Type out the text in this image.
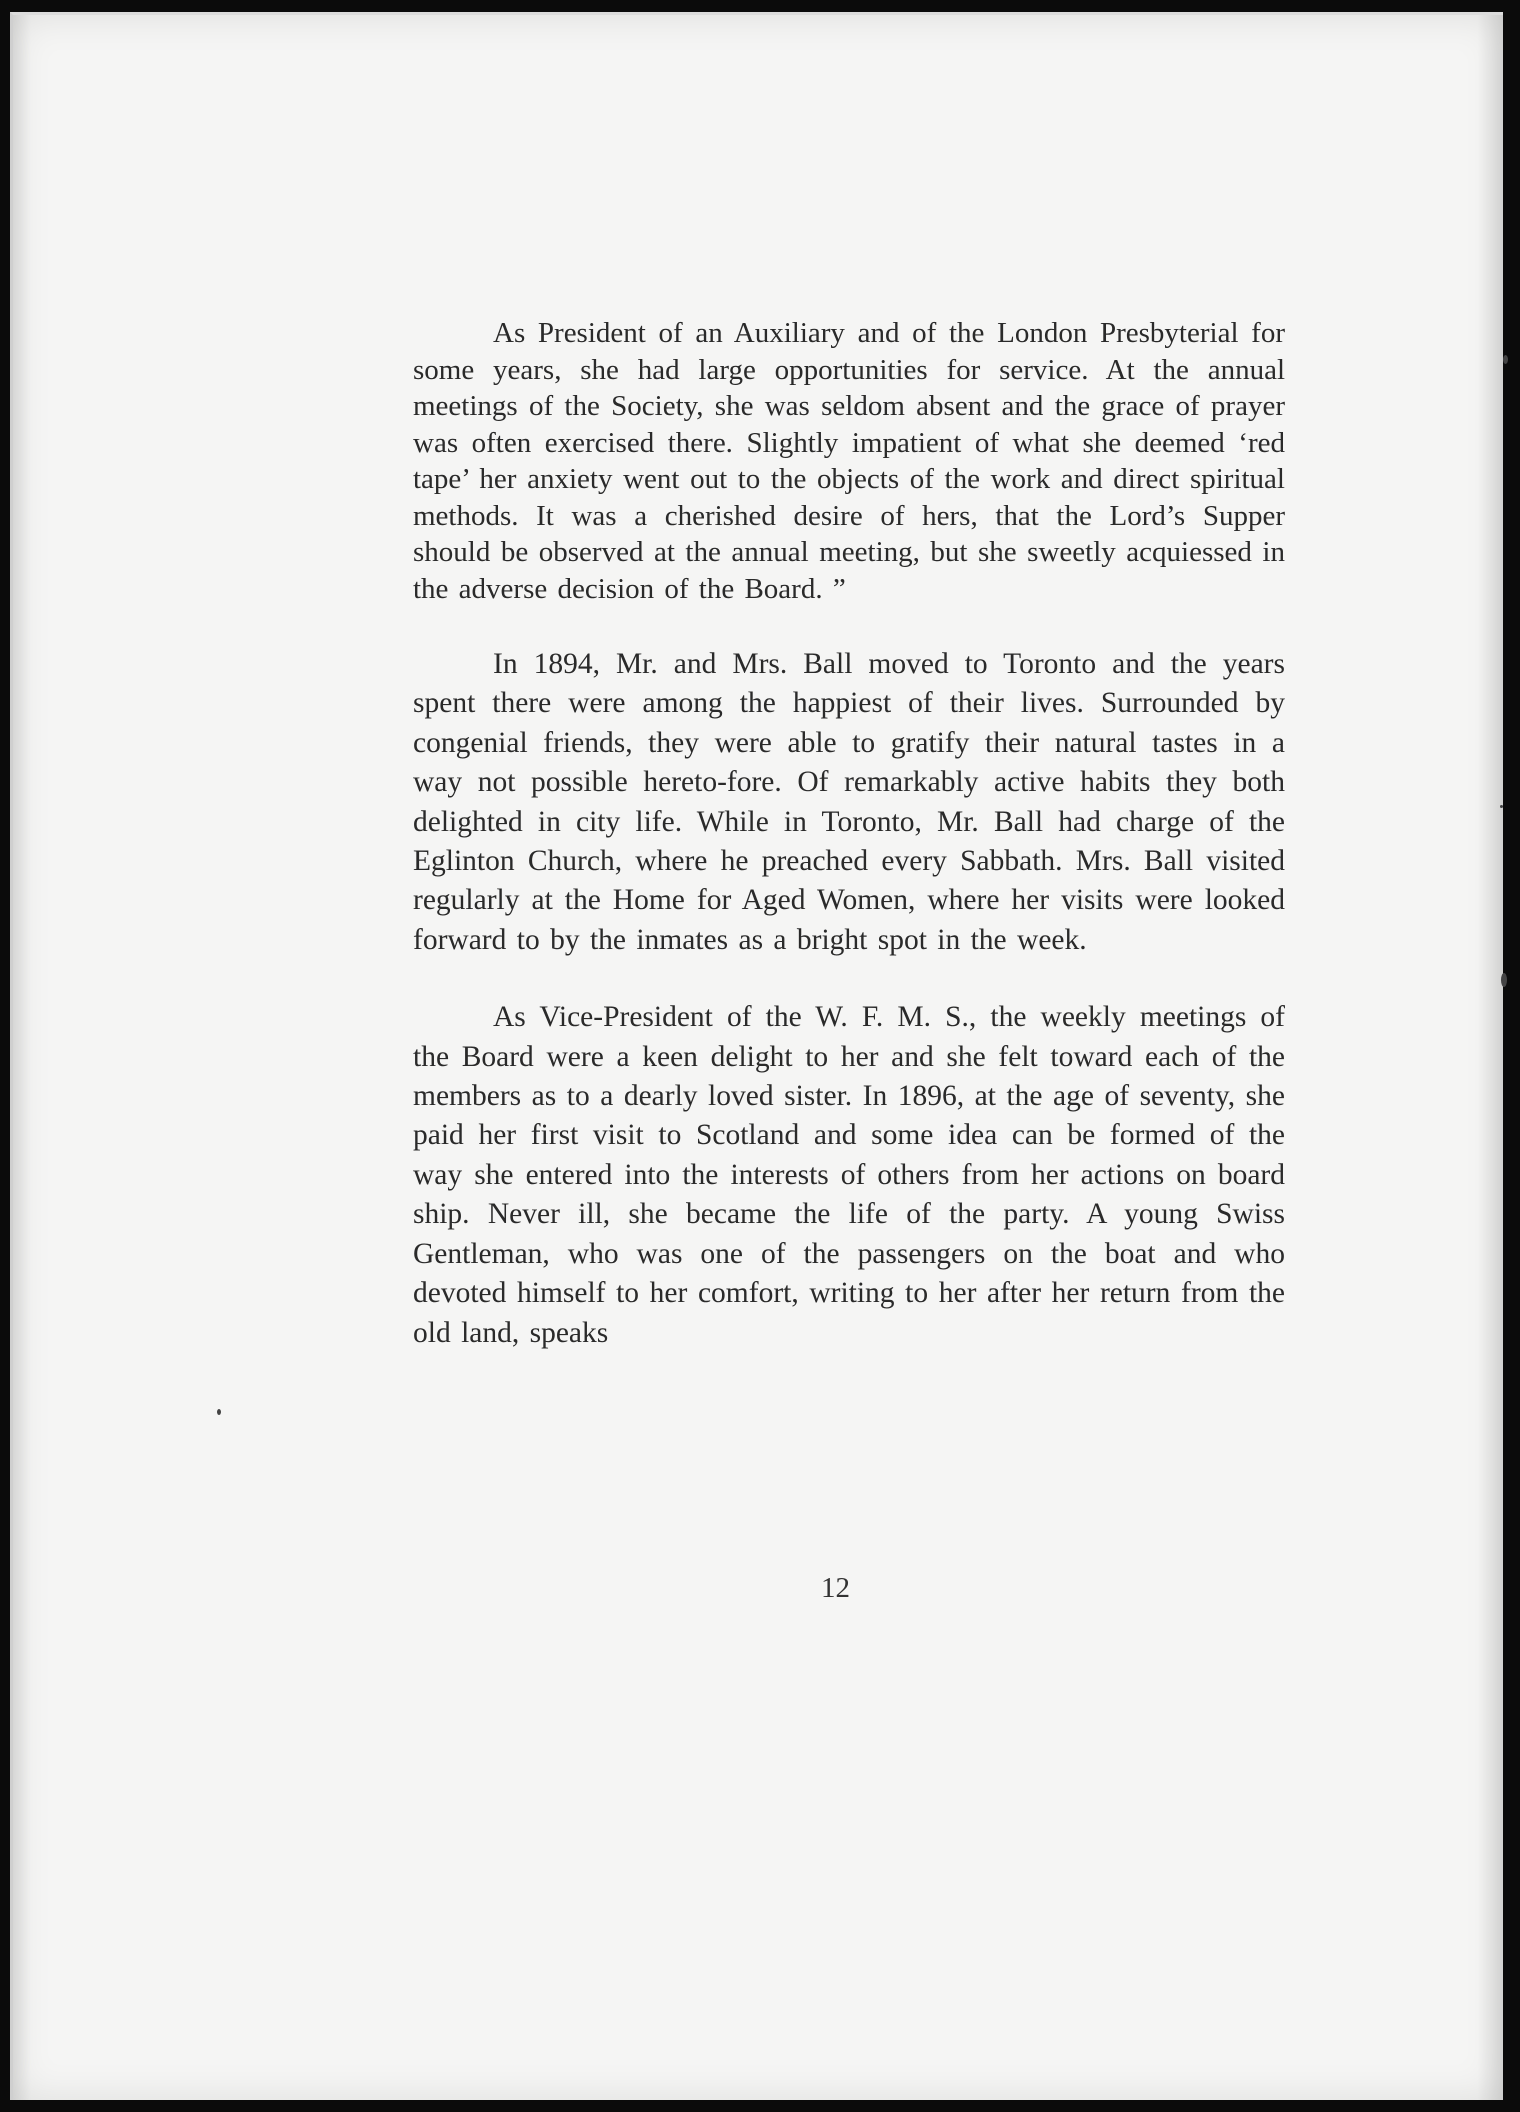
As President of an Auxiliary and of the London Presbyterial for some years, she had large opportunities for service. At the annual meetings of the Society, she was seldom absent and the grace of prayer was often exercised there. Slightly impatient of what she deemed ‘red tape’ her anxiety went out to the objects of the work and direct spiritual methods. It was a cherished desire of hers, that the Lord’s Supper should be observed at the annual meeting, but she sweetly acquiessed in the adverse decision of the Board. ”

In 1894, Mr. and Mrs. Ball moved to Toronto and the years spent there were among the happiest of their lives. Surrounded by congenial friends, they were able to gratify their natural tastes in a way not possible hereto-fore. Of remarkably active habits they both delighted in city life. While in Toronto, Mr. Ball had charge of the Eglinton Church, where he preached every Sabbath. Mrs. Ball visited regularly at the Home for Aged Women, where her visits were looked forward to by the inmates as a bright spot in the week.

As Vice-President of the W. F. M. S., the weekly meetings of the Board were a keen delight to her and she felt toward each of the members as to a dearly loved sister. In 1896, at the age of seventy, she paid her first visit to Scotland and some idea can be formed of the way she entered into the interests of others from her actions on board ship. Never ill, she became the life of the party. A young Swiss Gentleman, who was one of the passengers on the boat and who devoted himself to her comfort, writing to her after her return from the old land, speaks

12
